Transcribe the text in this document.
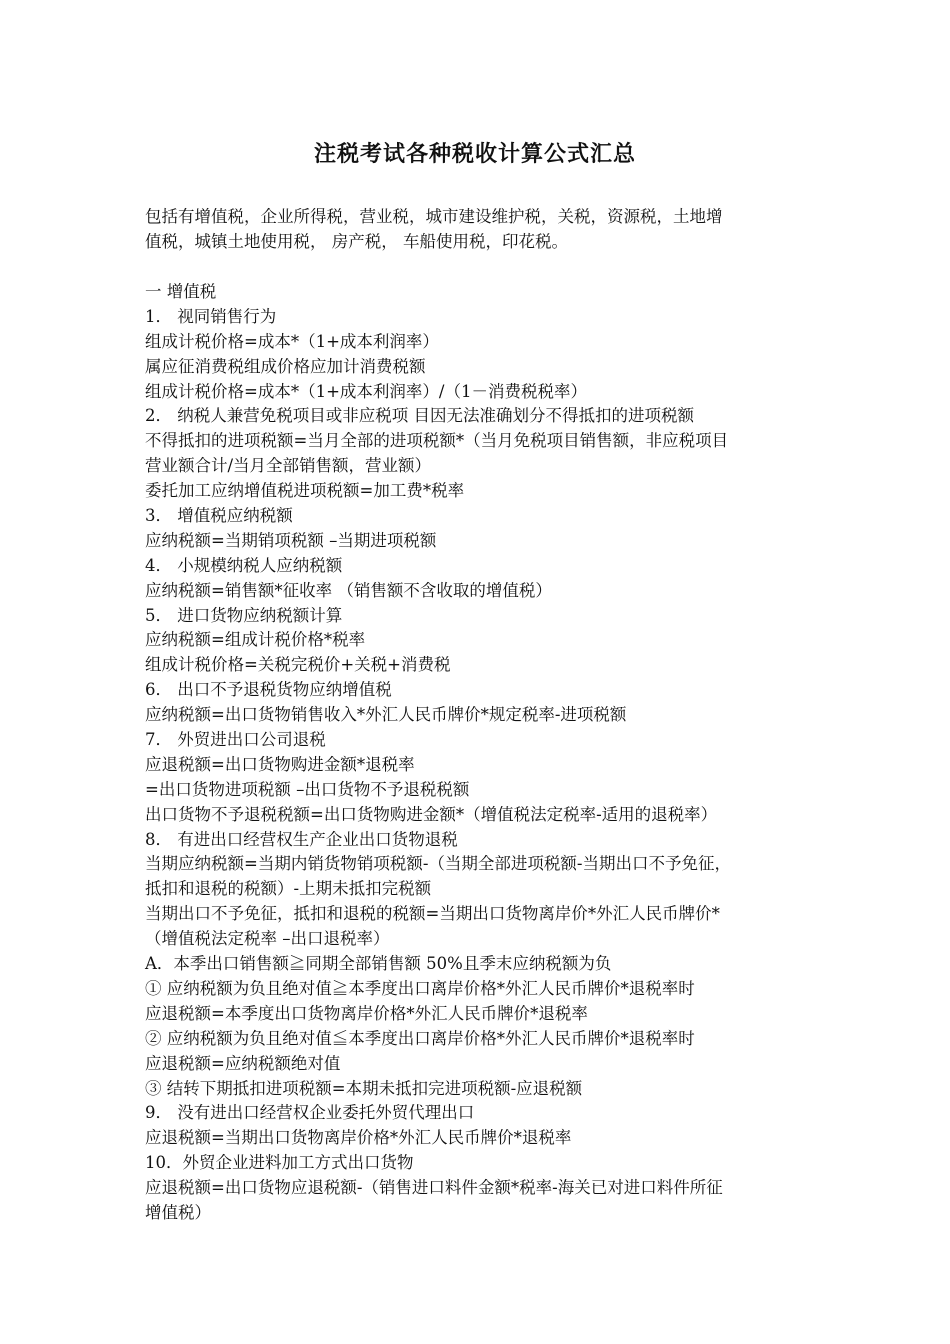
注税考试各种税收计算公式汇总
包括有增值税，企业所得税，营业税，城市建设维护税，关税，资源税，土地增
值税，城镇土地使用税， 房产税， 车船使用税，印花税。
一 增值税
1． 视同销售行为
组成计税价格=成本*（1+成本利润率）
属应征消费税组成价格应加计消费税额
组成计税价格=成本*（1+成本利润率）/（1－消费税税率）
2． 纳税人兼营免税项目或非应税项 目因无法准确划分不得抵扣的进项税额
不得抵扣的进项税额=当月全部的进项税额*（当月免税项目销售额，非应税项目
营业额合计/当月全部销售额，营业额）
委托加工应纳增值税进项税额=加工费*税率
3． 增值税应纳税额
应纳税额=当期销项税额 –当期进项税额
4． 小规模纳税人应纳税额
应纳税额=销售额*征收率 （销售额不含收取的增值税）
5． 进口货物应纳税额计算
应纳税额=组成计税价格*税率
组成计税价格=关税完税价+关税+消费税
6． 出口不予退税货物应纳增值税
应纳税额=出口货物销售收入*外汇人民币牌价*规定税率-进项税额
7． 外贸进出口公司退税
应退税额=出口货物购进金额*退税率
=出口货物进项税额 –出口货物不予退税税额
出口货物不予退税税额=出口货物购进金额*（增值税法定税率-适用的退税率）
8． 有进出口经营权生产企业出口货物退税
当期应纳税额=当期内销货物销项税额-（当期全部进项税额-当期出口不予免征，
抵扣和退税的税额）-上期未抵扣完税额
当期出口不予免征，抵扣和退税的税额=当期出口货物离岸价*外汇人民币牌价*
（增值税法定税率 –出口退税率）
A．本季出口销售额≧同期全部销售额 50%且季末应纳税额为负
① 应纳税额为负且绝对值≧本季度出口离岸价格*外汇人民币牌价*退税率时
应退税额=本季度出口货物离岸价格*外汇人民币牌价*退税率
② 应纳税额为负且绝对值≦本季度出口离岸价格*外汇人民币牌价*退税率时
应退税额=应纳税额绝对值
③ 结转下期抵扣进项税额=本期未抵扣完进项税额-应退税额
9． 没有进出口经营权企业委托外贸代理出口
应退税额=当期出口货物离岸价格*外汇人民币牌价*退税率
10．外贸企业进料加工方式出口货物
应退税额=出口货物应退税额-（销售进口料件金额*税率-海关已对进口料件所征
增值税）
